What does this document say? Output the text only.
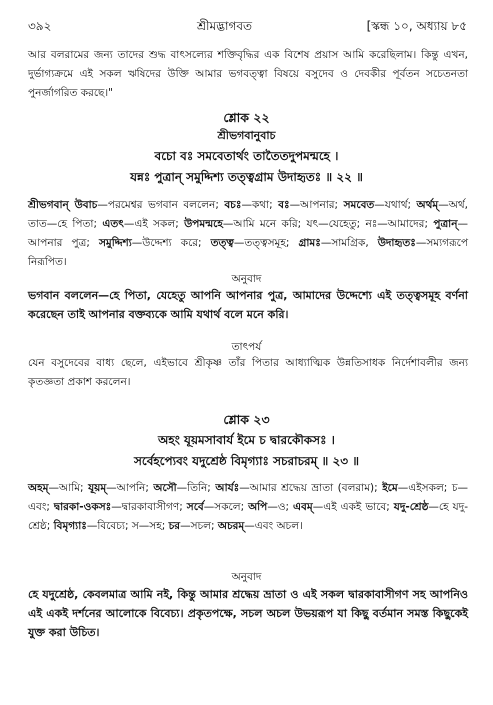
৩৯২	শ্রীমদ্ভাগবত	[স্কন্ধ ১০, অধ্যায় ৮৫

আর বলরামের জন্য তাদের শুদ্ধ বাৎসল্যের শক্তিবৃদ্ধির এক বিশেষ প্রয়াস আমি করেছিলাম। কিন্তু এখন, দুর্ভাগ্যক্রমে এই সকল ঋষিদের উক্তি আমার ভগবত্ত্বা বিষয়ে বসুদেব ও দেবকীর পূর্বতন সচেতনতা পুনর্জাগরিত করছে।"

শ্লোক ২২

শ্রীভগবানুবাচ

বচো বঃ সমবেতার্থং তাতৈতদুপমন্মহে ।

যন্নঃ পুত্রান্ সমুদ্দিশ্য তত্ত্বগ্রাম উদাহৃতঃ ॥ ২২ ॥

শ্রীভগবান্ উবাচ—পরমেশ্বর ভগবান বললেন; বচঃ—কথা; বঃ—আপনার; সমবেত—যথার্থ; অর্থম্—অর্থ, তাত—হে পিতা; এতৎ—এই সকল; উপমন্মহে—আমি মনে করি; যৎ—যেহেতু; নঃ—আমাদের; পুত্রান্—আপনার পুত্র; সমুদ্দিশ্য—উদ্দেশ্য করে; তত্ত্ব—তত্ত্বসমূহ; গ্রামঃ—সামগ্রিক, উদাহৃতঃ—সম্যগরূপে নিরূপিত।

অনুবাদ

ভগবান বললেন—হে পিতা, যেহেতু আপনি আপনার পুত্র, আমাদের উদ্দেশ্যে এই তত্ত্বসমূহ বর্ণনা করেছেন তাই আপনার বক্তব্যকে আমি যথার্থ বলে মনে করি।

তাৎপর্য

যেন বসুদেবের বাধ্য ছেলে, এইভাবে শ্রীকৃষ্ণ তাঁর পিতার আধ্যাত্মিক উন্নতিসাধক নির্দেশাবলীর জন্য কৃতজ্ঞতা প্রকাশ করলেন।

শ্লোক ২৩

অহং যূয়মসাবার্য ইমে চ দ্বারকৌকসঃ ।

সর্বেহপ্যেবং যদুশ্রেষ্ঠ বিমৃগ্যাঃ সচরাচরম্ ॥ ২৩ ॥

অহম্—আমি; যূয়ম্—আপনি; অসৌ—তিনি; আর্যঃ—আমার শ্রদ্ধেয় ভ্রাতা (বলরাম); ইমে—এইসকল; চ—এবং; দ্বারকা-ওকসঃ—দ্বারকাবাসীগণ; সর্বে—সকলে; অপি—ও; এবম্—এই একই ভাবে; যদু-শ্রেষ্ঠ—হে যদু-শ্রেষ্ঠ; বিমৃগ্যাঃ—বিবেচ্য; স—সহ; চর—সচল; অচরম্—এবং অচল।

অনুবাদ

হে যদুশ্রেষ্ঠ, কেবলমাত্র আমি নই, কিন্তু আমার শ্রদ্ধেয় ভ্রাতা ও এই সকল দ্বারকাবাসীগণ সহ আপনিও এই একই দর্শনের আলোকে বিবেচ্য। প্রকৃতপক্ষে, সচল অচল উভয়রূপ যা কিছু বর্তমান সমস্ত কিছুকেই যুক্ত করা উচিত।
